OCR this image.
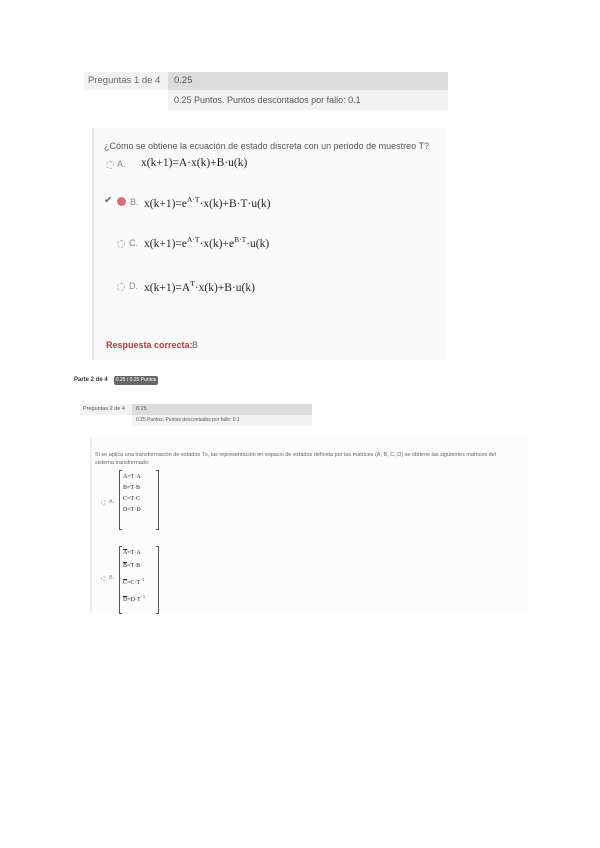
Preguntas 1 de 4	0.25
0.25 Puntos. Puntos descontados por fallo: 0.1
¿Cómo se obtiene la ecuación de estado discreta con un periodo de muestreo T?
A. x(k+1)=A·x(k)+B·u(k)
✔ B. $x(k+1)=e^{A\cdot T}\cdot x(k)+B\cdot T\cdot u(k)$
C. $x(k+1)=e^{A\cdot T}\cdot x(k)+e^{B\cdot T}\cdot u(k)$
D. $x(k+1)=A^T\cdot x(k)+B\cdot u(k)$
Respuesta correcta: B
Parte 2 de 4	0.25 / 0.25 Puntos
Preguntas 2 de 4	0.25
0.25 Puntos. Puntos descontados por fallo: 0.1
Si se aplica una transformación de estados Tx, las representación en espacio de estados definida por las matrices (A, B, C, D) se obtiene las siguientes matrices del sistema transformado:
A.
A=T·A
B=T·B
C=T·C
D=T·D
B.
$\overline{A}=T\cdot A$
$\overline{B}=T\cdot B$
$\overline{C}=C\cdot T^{-1}$
$\overline{D}=D\cdot T^{-1}$
